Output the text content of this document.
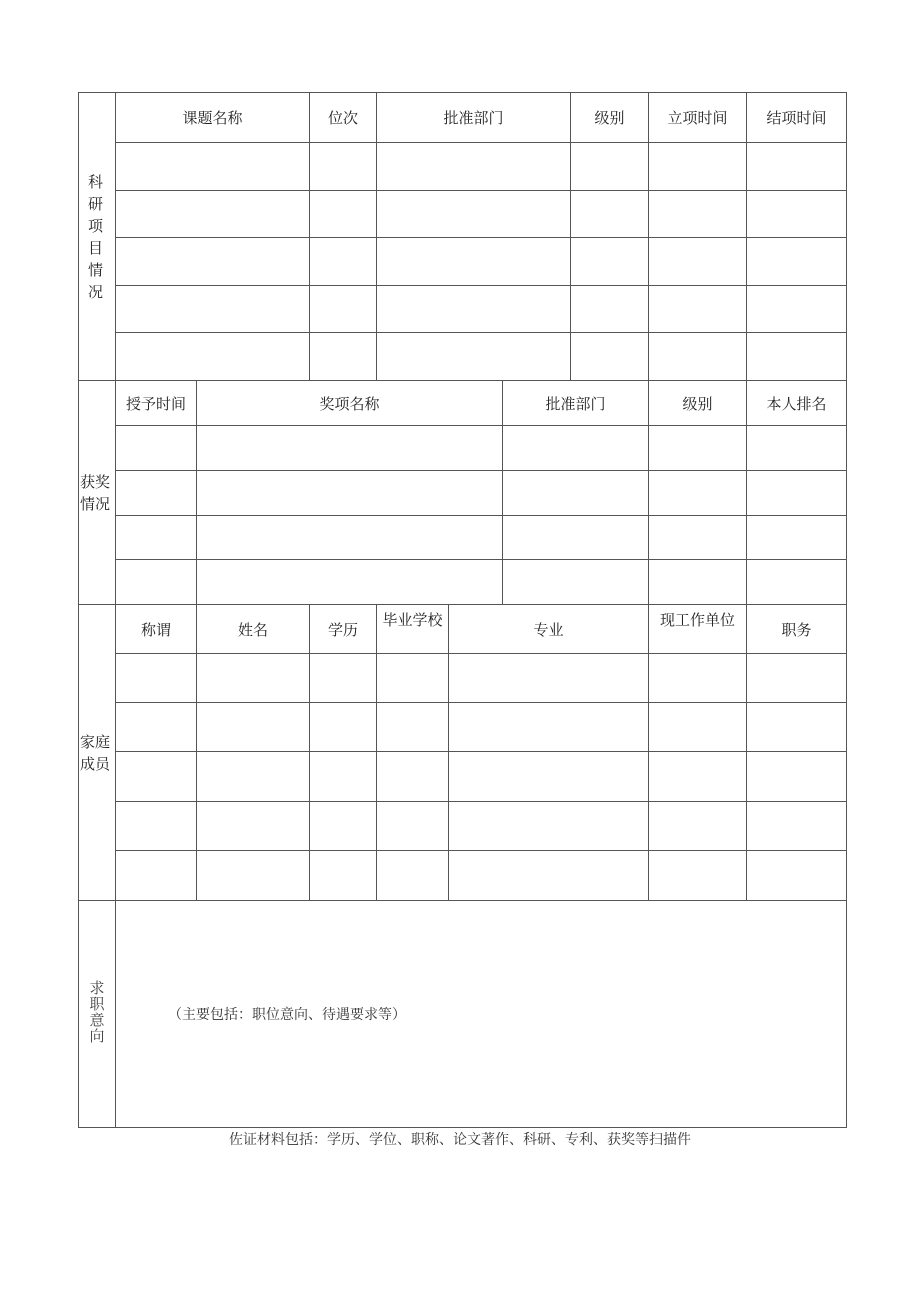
科研项目情况	课题名称		位次	批准部门			级别	立项时间	结项时间

获奖情况	授予时间	奖项名称				批准部门		级别	本人排名

家庭成员	称谓	姓名	学历	毕业学校	专业			现工作单位	职务

求职意向	（主要包括：职位意向、待遇要求等）								
佐证材料包括：学历、学位、职称、论文著作、科研、专利、获奖等扫描件
